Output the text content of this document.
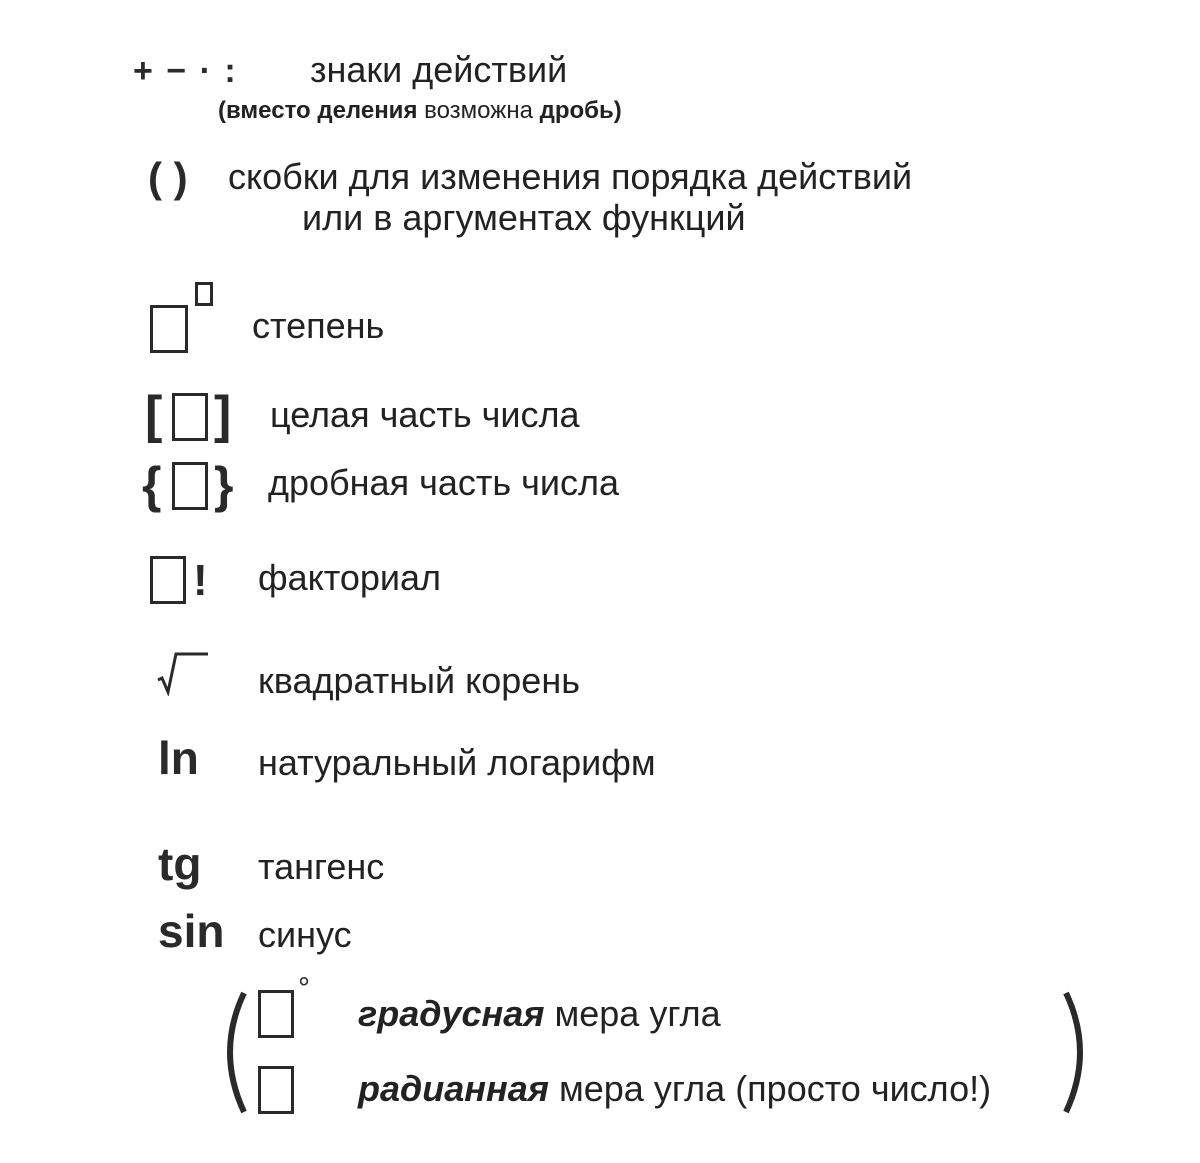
+ − · : знаки действий
(вместо деления возможна дробь)
( ) скобки для изменения порядка действий
или в аргументах функций
степень
[ ] целая часть числа
{ } дробная часть числа
! факториал
квадратный корень
ln натуральный логарифм
tg тангенс
sin синус
°
градусная мера угла
радианная мера угла (просто число!)
